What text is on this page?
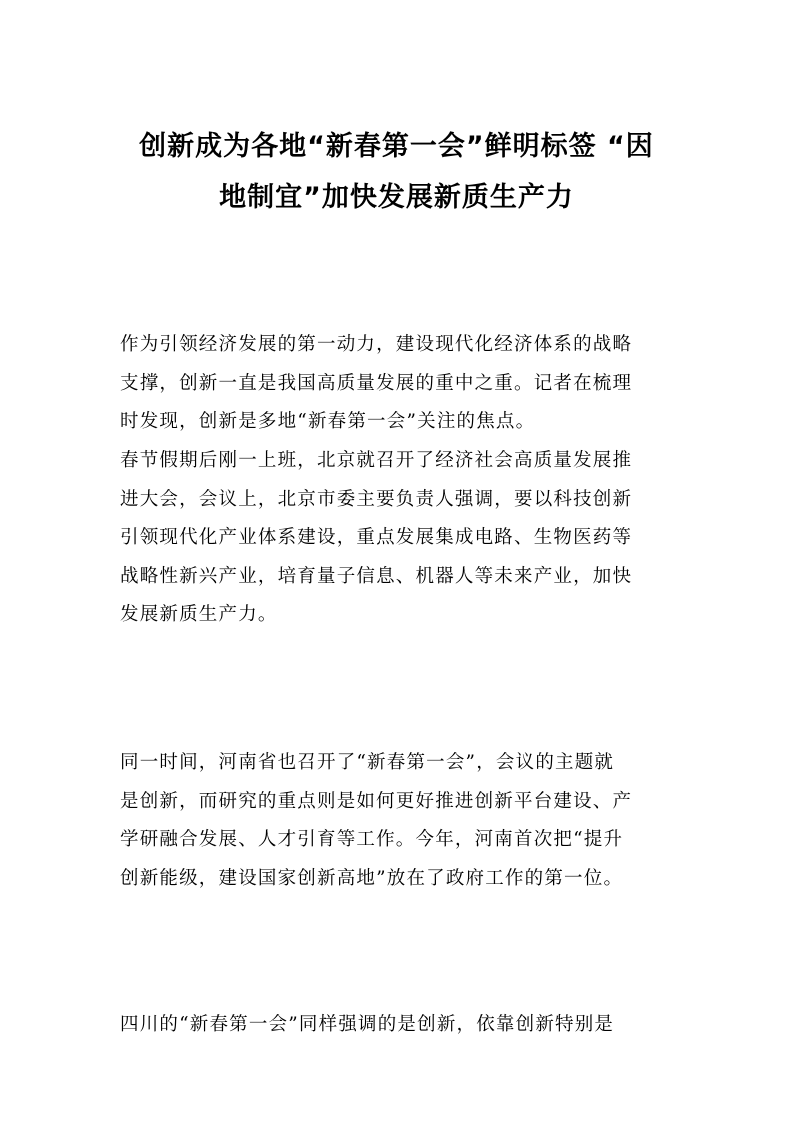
创新成为各地“新春第一会”鲜明标签 “因
地制宜”加快发展新质生产力

作为引领经济发展的第一动力，建设现代化经济体系的战略
支撑，创新一直是我国高质量发展的重中之重。记者在梳理
时发现，创新是多地“新春第一会”关注的焦点。

春节假期后刚一上班，北京就召开了经济社会高质量发展推
进大会，会议上，北京市委主要负责人强调，要以科技创新
引领现代化产业体系建设，重点发展集成电路、生物医药等
战略性新兴产业，培育量子信息、机器人等未来产业，加快
发展新质生产力。

同一时间，河南省也召开了“新春第一会”，会议的主题就
是创新，而研究的重点则是如何更好推进创新平台建设、产
学研融合发展、人才引育等工作。今年，河南首次把“提升
创新能级，建设国家创新高地”放在了政府工作的第一位。

四川的“新春第一会”同样强调的是创新，依靠创新特别是
